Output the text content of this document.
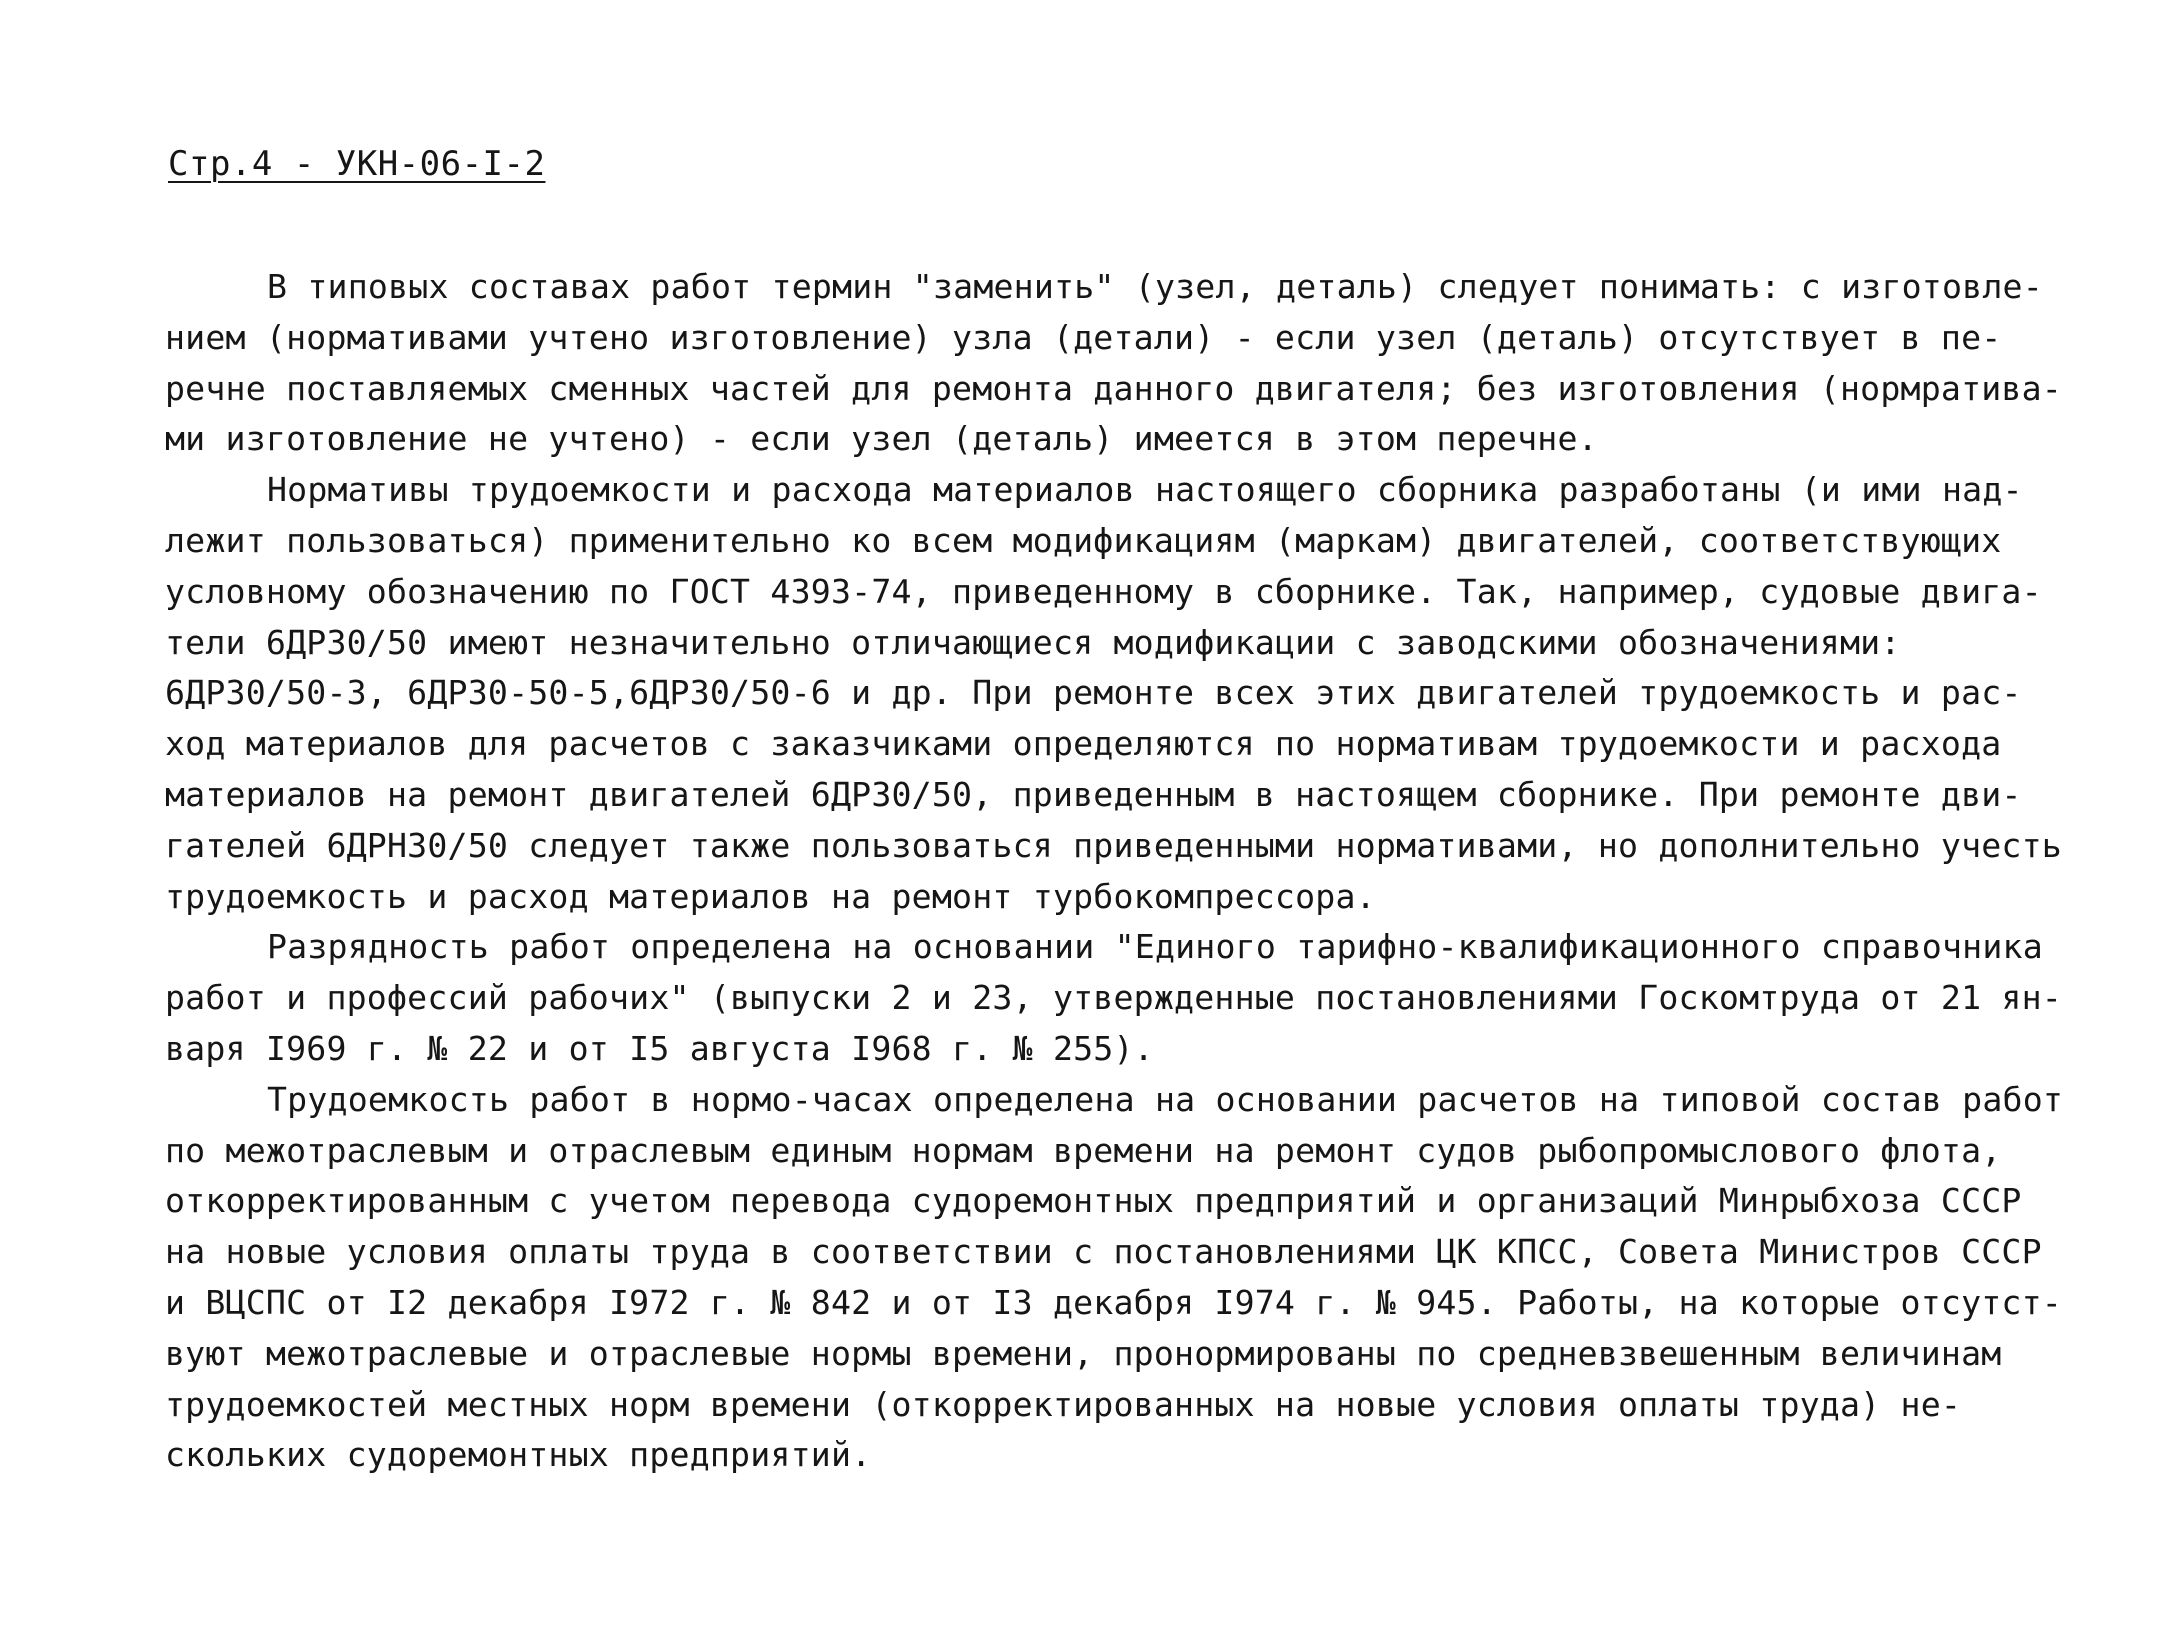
Стр.4 - УКН-06-I-2
В типовых составах работ термин "заменить" (узел, деталь) следует понимать: с изготовле-
нием (нормативами учтено изготовление) узла (детали) - если узел (деталь) отсутствует в пе-
речне поставляемых сменных частей для ремонта данного двигателя; без изготовления (нормратива-
ми изготовление не учтено) - если узел (деталь) имеется в этом перечне.
Нормативы трудоемкости и расхода материалов настоящего сборника разработаны (и ими над-
лежит пользоваться) применительно ко всем модификациям (маркам) двигателей, соответствующих
условному обозначению по ГОСТ 4393-74, приведенному в сборнике. Так, например, судовые двига-
тели 6ДР30/50 имеют незначительно отличающиеся модификации с заводскими обозначениями:
6ДР30/50-3, 6ДР30-50-5,6ДР30/50-6 и др. При ремонте всех этих двигателей трудоемкость и рас-
ход материалов для расчетов с заказчиками определяются по нормативам трудоемкости и расхода
материалов на ремонт двигателей 6ДР30/50, приведенным в настоящем сборнике. При ремонте дви-
гателей 6ДРН30/50 следует также пользоваться приведенными нормативами, но дополнительно учесть
трудоемкость и расход материалов на ремонт турбокомпрессора.
Разрядность работ определена на основании "Единого тарифно-квалификационного справочника
работ и профессий рабочих" (выпуски 2 и 23, утвержденные постановлениями Госкомтруда от 21 ян-
варя I969 г. № 22 и от I5 августа I968 г. № 255).
Трудоемкость работ в нормо-часах определена на основании расчетов на типовой состав работ
по межотраслевым и отраслевым единым нормам времени на ремонт судов рыбопромыслового флота,
откорректированным с учетом перевода судоремонтных предприятий и организаций Минрыбхоза СССР
на новые условия оплаты труда в соответствии с постановлениями ЦК КПСС, Совета Министров СССР
и ВЦСПС от I2 декабря I972 г. № 842 и от I3 декабря I974 г. № 945. Работы, на которые отсутст-
вуют межотраслевые и отраслевые нормы времени, пронормированы по средневзвешенным величинам
трудоемкостей местных норм времени (откорректированных на новые условия оплаты труда) не-
скольких судоремонтных предприятий.
